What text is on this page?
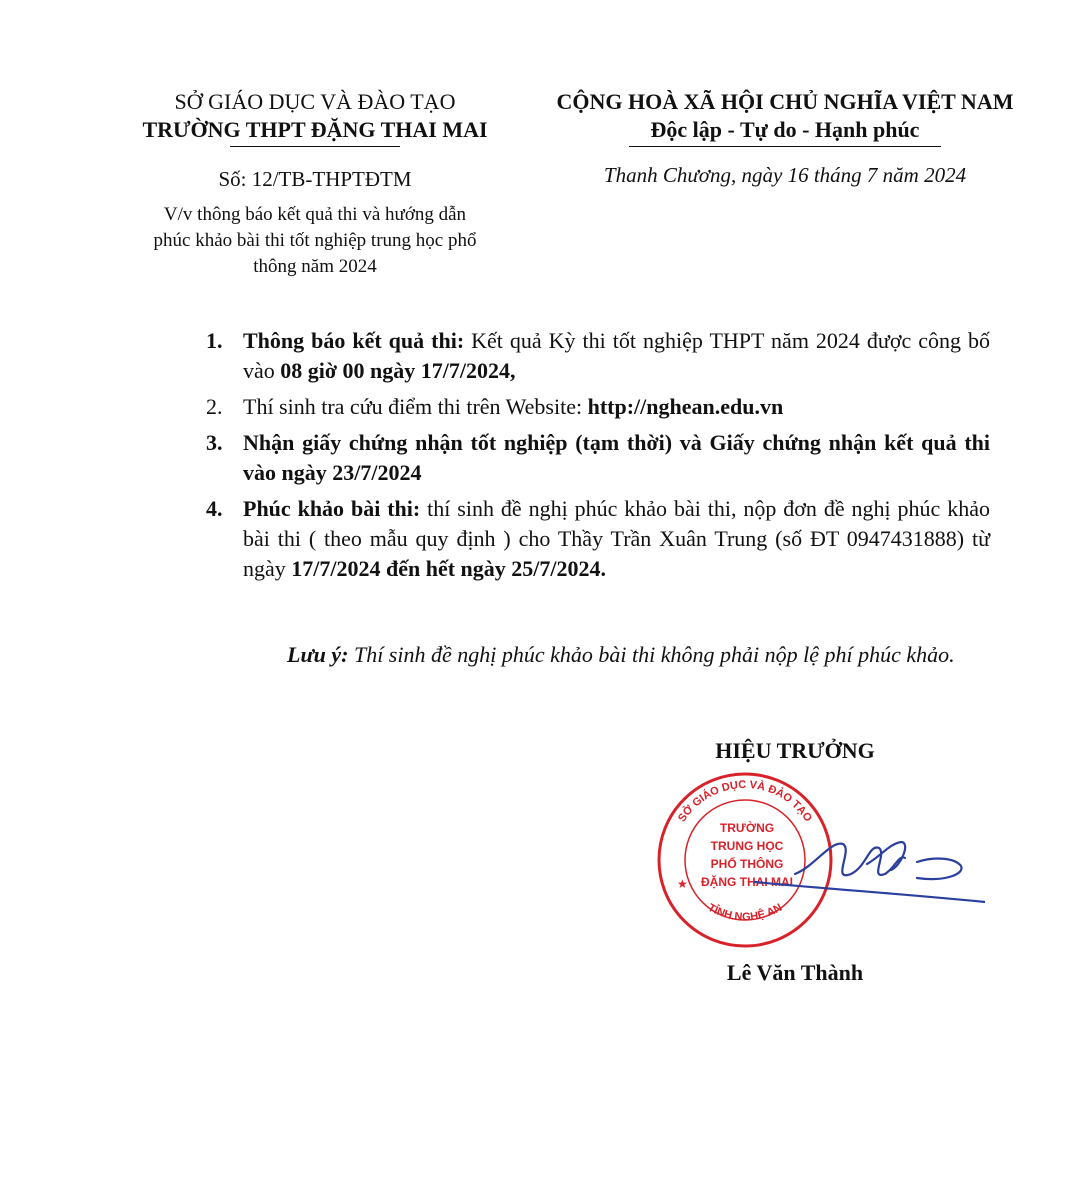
SỞ GIÁO DỤC VÀ ĐÀO TẠO
TRƯỜNG THPT ĐẶNG THAI MAI
CỘNG HOÀ XÃ HỘI CHỦ NGHĨA VIỆT NAM
Độc lập - Tự do - Hạnh phúc
Số: 12/TB-THPTĐTM	Thanh Chương, ngày 16 tháng 7 năm 2024
V/v thông báo kết quả thi và hướng dẫn
phúc khảo bài thi tốt nghiệp trung học phổ
thông năm 2024
1. Thông báo kết quả thi: Kết quả Kỳ thi tốt nghiệp THPT năm 2024 được công bố vào 08 giờ 00 ngày 17/7/2024,
2. Thí sinh tra cứu điểm thi trên Website: http://nghean.edu.vn
3. Nhận giấy chứng nhận tốt nghiệp (tạm thời) và Giấy chứng nhận kết quả thi vào ngày 23/7/2024
4. Phúc khảo bài thi: thí sinh đề nghị phúc khảo bài thi, nộp đơn đề nghị phúc khảo bài thi ( theo mẫu quy định ) cho Thầy Trần Xuân Trung (số ĐT 0947431888) từ ngày 17/7/2024 đến hết ngày 25/7/2024.
Lưu ý: Thí sinh đề nghị phúc khảo bài thi không phải nộp lệ phí phúc khảo.
HIỆU TRƯỞNG
SỞ GIÁO DỤC VÀ ĐÀO TẠO
TỈNH NGHỆ AN
★
TRƯỜNG
TRUNG HỌC
PHỔ THÔNG
ĐẶNG THAI MAI
Lê Văn Thành
